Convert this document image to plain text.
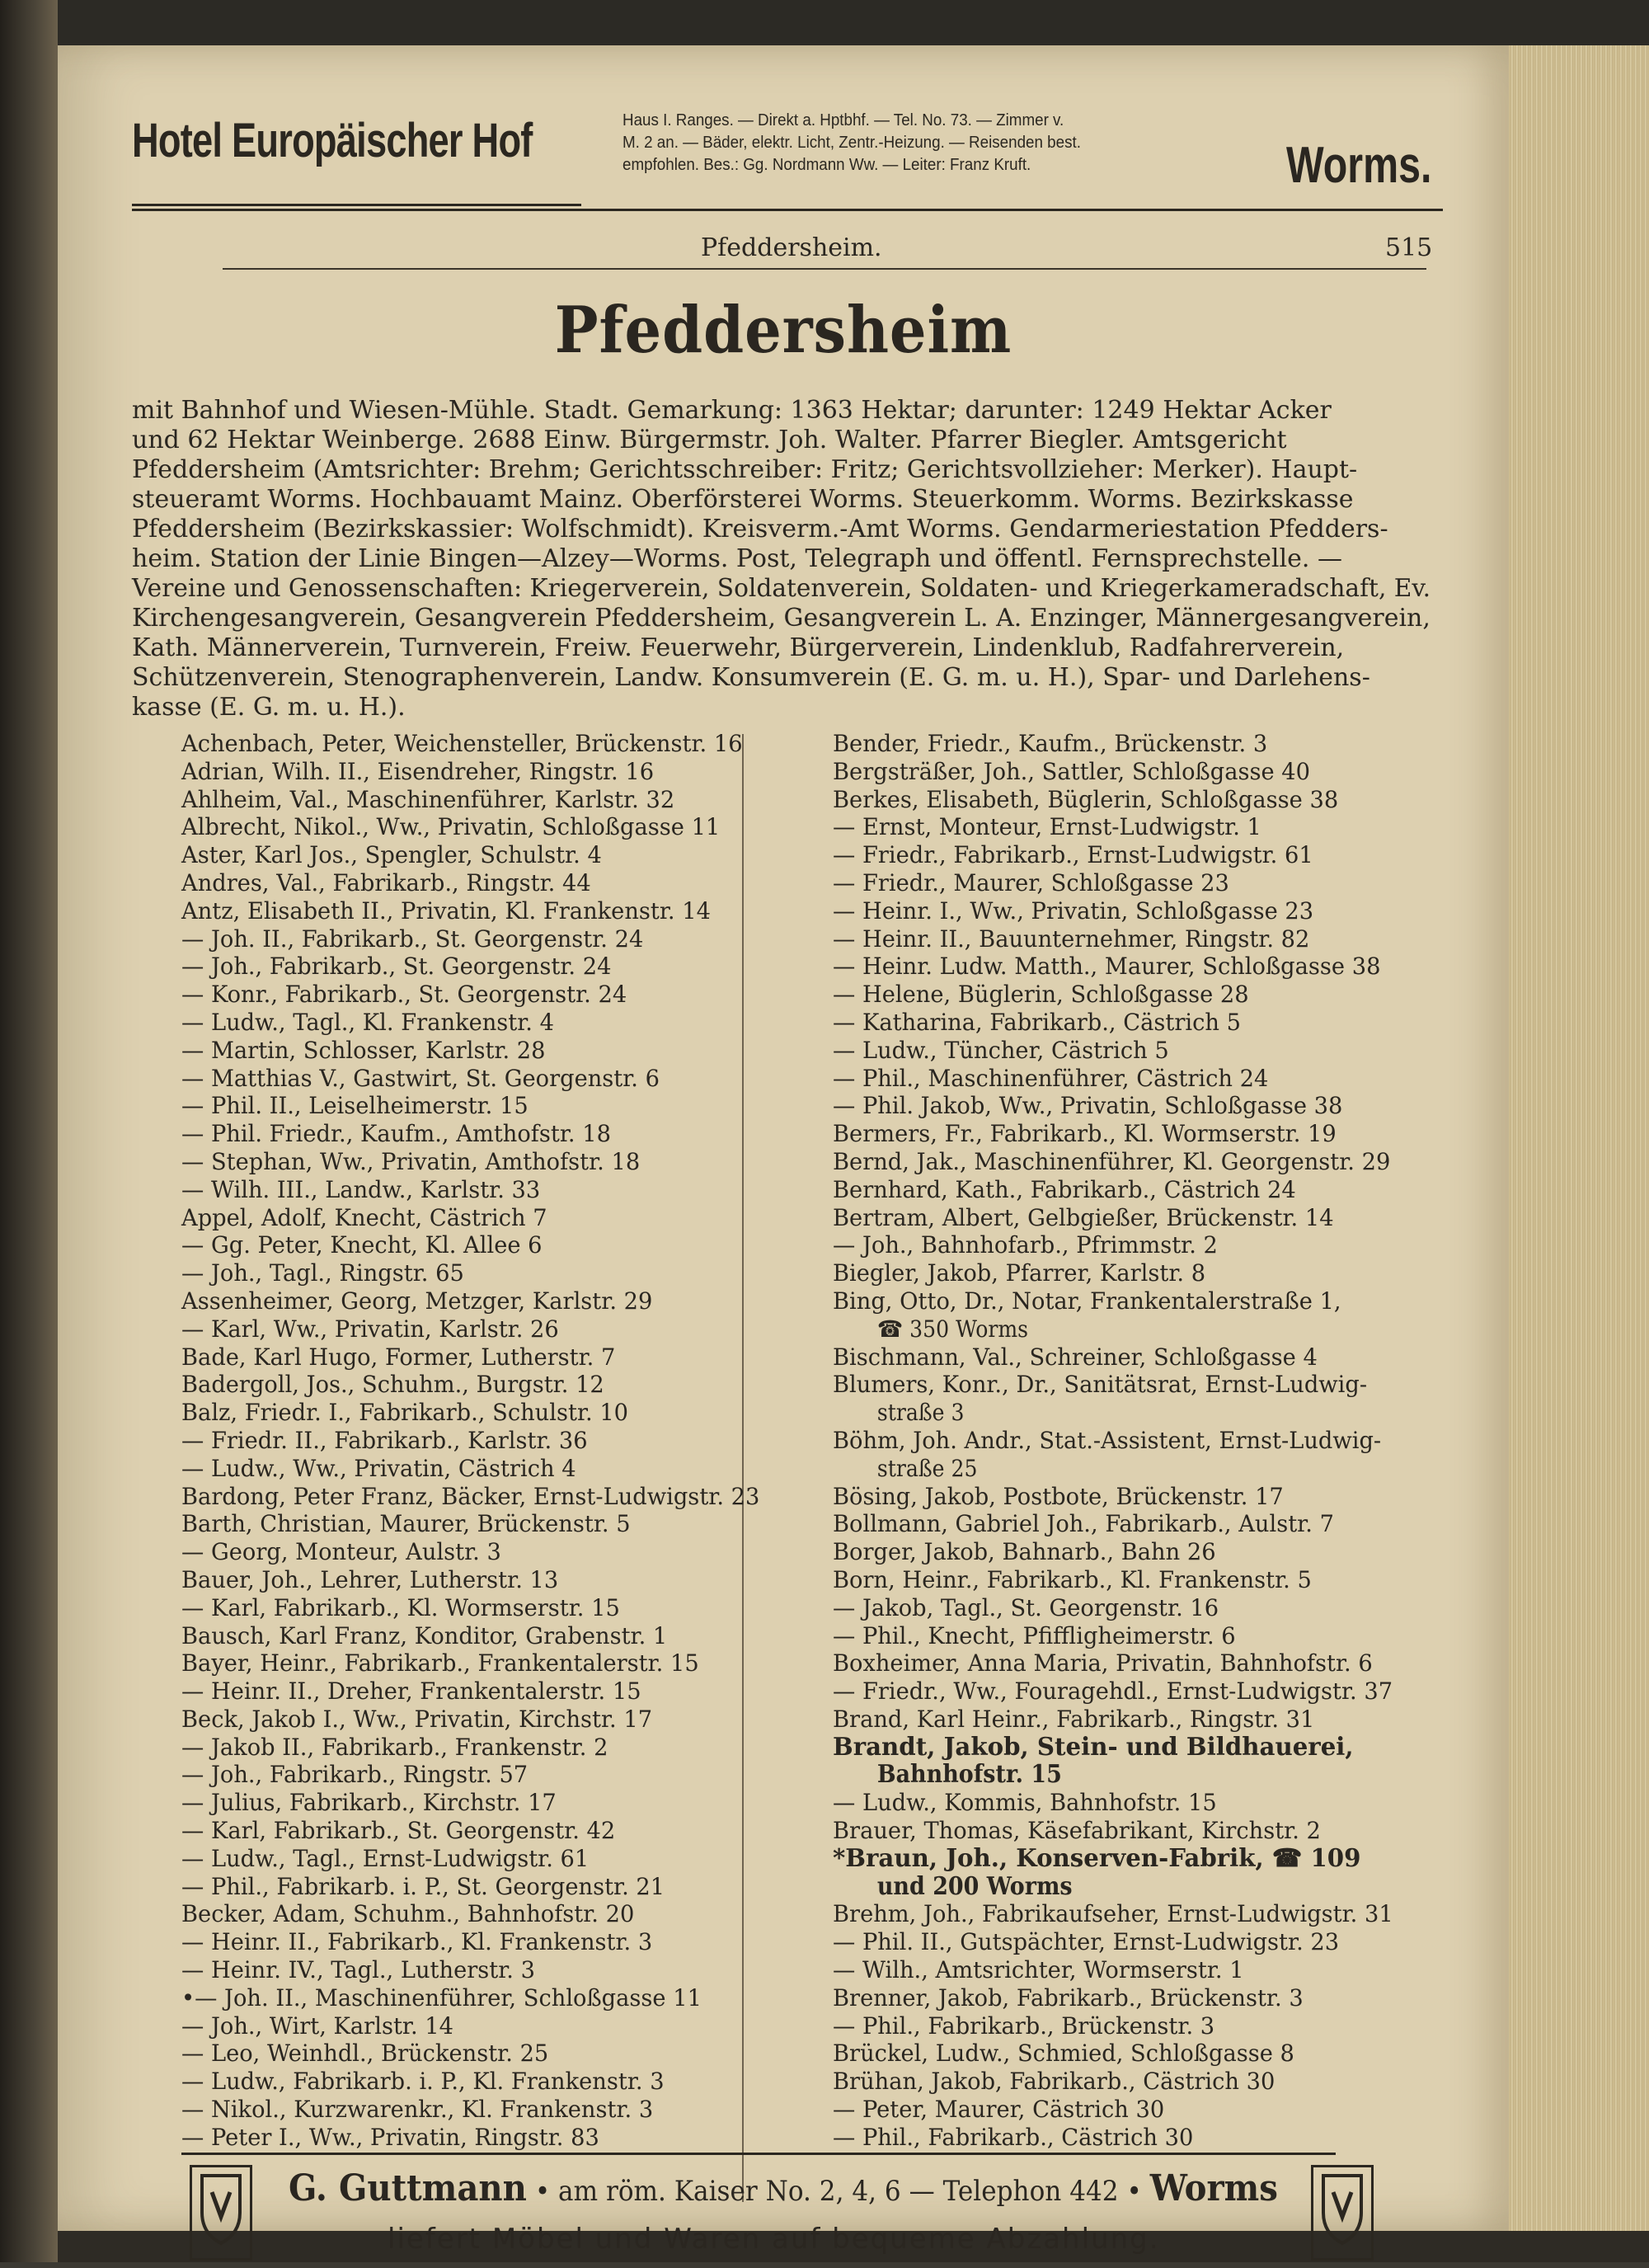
Hotel Europäischer Hof	Haus I. Ranges. — Direkt a. Hptbhf. — Tel. No. 73. — Zimmer v.
M. 2 an. — Bäder, elektr. Licht, Zentr.-Heizung. — Reisenden best.
empfohlen. Bes.: Gg. Nordmann Ww. — Leiter: Franz Kruft.	Worms.
Pfeddersheim.	515
Pfeddersheim
mit Bahnhof und Wiesen-Mühle. Stadt. Gemarkung: 1363 Hektar; darunter: 1249 Hektar Acker
und 62 Hektar Weinberge. 2688 Einw. Bürgermstr. Joh. Walter. Pfarrer Biegler. Amtsgericht
Pfeddersheim (Amtsrichter: Brehm; Gerichtsschreiber: Fritz; Gerichtsvollzieher: Merker). Haupt-
steueramt Worms. Hochbauamt Mainz. Oberförsterei Worms. Steuerkomm. Worms. Bezirkskasse
Pfeddersheim (Bezirkskassier: Wolfschmidt). Kreisverm.-Amt Worms. Gendarmeriestation Pfedders-
heim. Station der Linie Bingen—Alzey—Worms. Post, Telegraph und öffentl. Fernsprechstelle. —
Vereine und Genossenschaften: Kriegerverein, Soldatenverein, Soldaten- und Kriegerkameradschaft, Ev.
Kirchengesangverein, Gesangverein Pfeddersheim, Gesangverein L. A. Enzinger, Männergesangverein,
Kath. Männerverein, Turnverein, Freiw. Feuerwehr, Bürgerverein, Lindenklub, Radfahrerverein,
Schützenverein, Stenographenverein, Landw. Konsumverein (E. G. m. u. H.), Spar- und Darlehens-
kasse (E. G. m. u. H.).
Achenbach, Peter, Weichensteller, Brückenstr. 16
Adrian, Wilh. II., Eisendreher, Ringstr. 16
Ahlheim, Val., Maschinenführer, Karlstr. 32
Albrecht, Nikol., Ww., Privatin, Schloßgasse 11
Aster, Karl Jos., Spengler, Schulstr. 4
Andres, Val., Fabrikarb., Ringstr. 44
Antz, Elisabeth II., Privatin, Kl. Frankenstr. 14
— Joh. II., Fabrikarb., St. Georgenstr. 24
— Joh., Fabrikarb., St. Georgenstr. 24
— Konr., Fabrikarb., St. Georgenstr. 24
— Ludw., Tagl., Kl. Frankenstr. 4
— Martin, Schlosser, Karlstr. 28
— Matthias V., Gastwirt, St. Georgenstr. 6
— Phil. II., Leiselheimerstr. 15
— Phil. Friedr., Kaufm., Amthofstr. 18
— Stephan, Ww., Privatin, Amthofstr. 18
— Wilh. III., Landw., Karlstr. 33
Appel, Adolf, Knecht, Cästrich 7
— Gg. Peter, Knecht, Kl. Allee 6
— Joh., Tagl., Ringstr. 65
Assenheimer, Georg, Metzger, Karlstr. 29
— Karl, Ww., Privatin, Karlstr. 26
Bade, Karl Hugo, Former, Lutherstr. 7
Badergoll, Jos., Schuhm., Burgstr. 12
Balz, Friedr. I., Fabrikarb., Schulstr. 10
— Friedr. II., Fabrikarb., Karlstr. 36
— Ludw., Ww., Privatin, Cästrich 4
Bardong, Peter Franz, Bäcker, Ernst-Ludwigstr. 23
Barth, Christian, Maurer, Brückenstr. 5
— Georg, Monteur, Aulstr. 3
Bauer, Joh., Lehrer, Lutherstr. 13
— Karl, Fabrikarb., Kl. Wormserstr. 15
Bausch, Karl Franz, Konditor, Grabenstr. 1
Bayer, Heinr., Fabrikarb., Frankentalerstr. 15
— Heinr. II., Dreher, Frankentalerstr. 15
Beck, Jakob I., Ww., Privatin, Kirchstr. 17
— Jakob II., Fabrikarb., Frankenstr. 2
— Joh., Fabrikarb., Ringstr. 57
— Julius, Fabrikarb., Kirchstr. 17
— Karl, Fabrikarb., St. Georgenstr. 42
— Ludw., Tagl., Ernst-Ludwigstr. 61
— Phil., Fabrikarb. i. P., St. Georgenstr. 21
Becker, Adam, Schuhm., Bahnhofstr. 20
— Heinr. II., Fabrikarb., Kl. Frankenstr. 3
— Heinr. IV., Tagl., Lutherstr. 3
•— Joh. II., Maschinenführer, Schloßgasse 11
— Joh., Wirt, Karlstr. 14
— Leo, Weinhdl., Brückenstr. 25
— Ludw., Fabrikarb. i. P., Kl. Frankenstr. 3
— Nikol., Kurzwarenkr., Kl. Frankenstr. 3
— Peter I., Ww., Privatin, Ringstr. 83
Bender, Friedr., Kaufm., Brückenstr. 3
Bergsträßer, Joh., Sattler, Schloßgasse 40
Berkes, Elisabeth, Büglerin, Schloßgasse 38
— Ernst, Monteur, Ernst-Ludwigstr. 1
— Friedr., Fabrikarb., Ernst-Ludwigstr. 61
— Friedr., Maurer, Schloßgasse 23
— Heinr. I., Ww., Privatin, Schloßgasse 23
— Heinr. II., Bauunternehmer, Ringstr. 82
— Heinr. Ludw. Matth., Maurer, Schloßgasse 38
— Helene, Büglerin, Schloßgasse 28
— Katharina, Fabrikarb., Cästrich 5
— Ludw., Tüncher, Cästrich 5
— Phil., Maschinenführer, Cästrich 24
— Phil. Jakob, Ww., Privatin, Schloßgasse 38
Bermers, Fr., Fabrikarb., Kl. Wormserstr. 19
Bernd, Jak., Maschinenführer, Kl. Georgenstr. 29
Bernhard, Kath., Fabrikarb., Cästrich 24
Bertram, Albert, Gelbgießer, Brückenstr. 14
— Joh., Bahnhofarb., Pfrimmstr. 2
Biegler, Jakob, Pfarrer, Karlstr. 8
Bing, Otto, Dr., Notar, Frankentalerstraße 1,
☎ 350 Worms
Bischmann, Val., Schreiner, Schloßgasse 4
Blumers, Konr., Dr., Sanitätsrat, Ernst-Ludwig-
straße 3
Böhm, Joh. Andr., Stat.-Assistent, Ernst-Ludwig-
straße 25
Bösing, Jakob, Postbote, Brückenstr. 17
Bollmann, Gabriel Joh., Fabrikarb., Aulstr. 7
Borger, Jakob, Bahnarb., Bahn 26
Born, Heinr., Fabrikarb., Kl. Frankenstr. 5
— Jakob, Tagl., St. Georgenstr. 16
— Phil., Knecht, Pfiffligheimerstr. 6
Boxheimer, Anna Maria, Privatin, Bahnhofstr. 6
— Friedr., Ww., Fouragehdl., Ernst-Ludwigstr. 37
Brand, Karl Heinr., Fabrikarb., Ringstr. 31
Brandt, Jakob, Stein- und Bildhauerei,
Bahnhofstr. 15
— Ludw., Kommis, Bahnhofstr. 15
Brauer, Thomas, Käsefabrikant, Kirchstr. 2
*Braun, Joh., Konserven-Fabrik, ☎ 109
und 200 Worms
Brehm, Joh., Fabrikaufseher, Ernst-Ludwigstr. 31
— Phil. II., Gutspächter, Ernst-Ludwigstr. 23
— Wilh., Amtsrichter, Wormserstr. 1
Brenner, Jakob, Fabrikarb., Brückenstr. 3
— Phil., Fabrikarb., Brückenstr. 3
Brückel, Ludw., Schmied, Schloßgasse 8
Brühan, Jakob, Fabrikarb., Cästrich 30
— Peter, Maurer, Cästrich 30
— Phil., Fabrikarb., Cästrich 30
G. Guttmann • am röm. Kaiser No. 2, 4, 6 — Telephon 442 • Worms
liefert Möbel und Waren auf bequeme Abzahlung.
